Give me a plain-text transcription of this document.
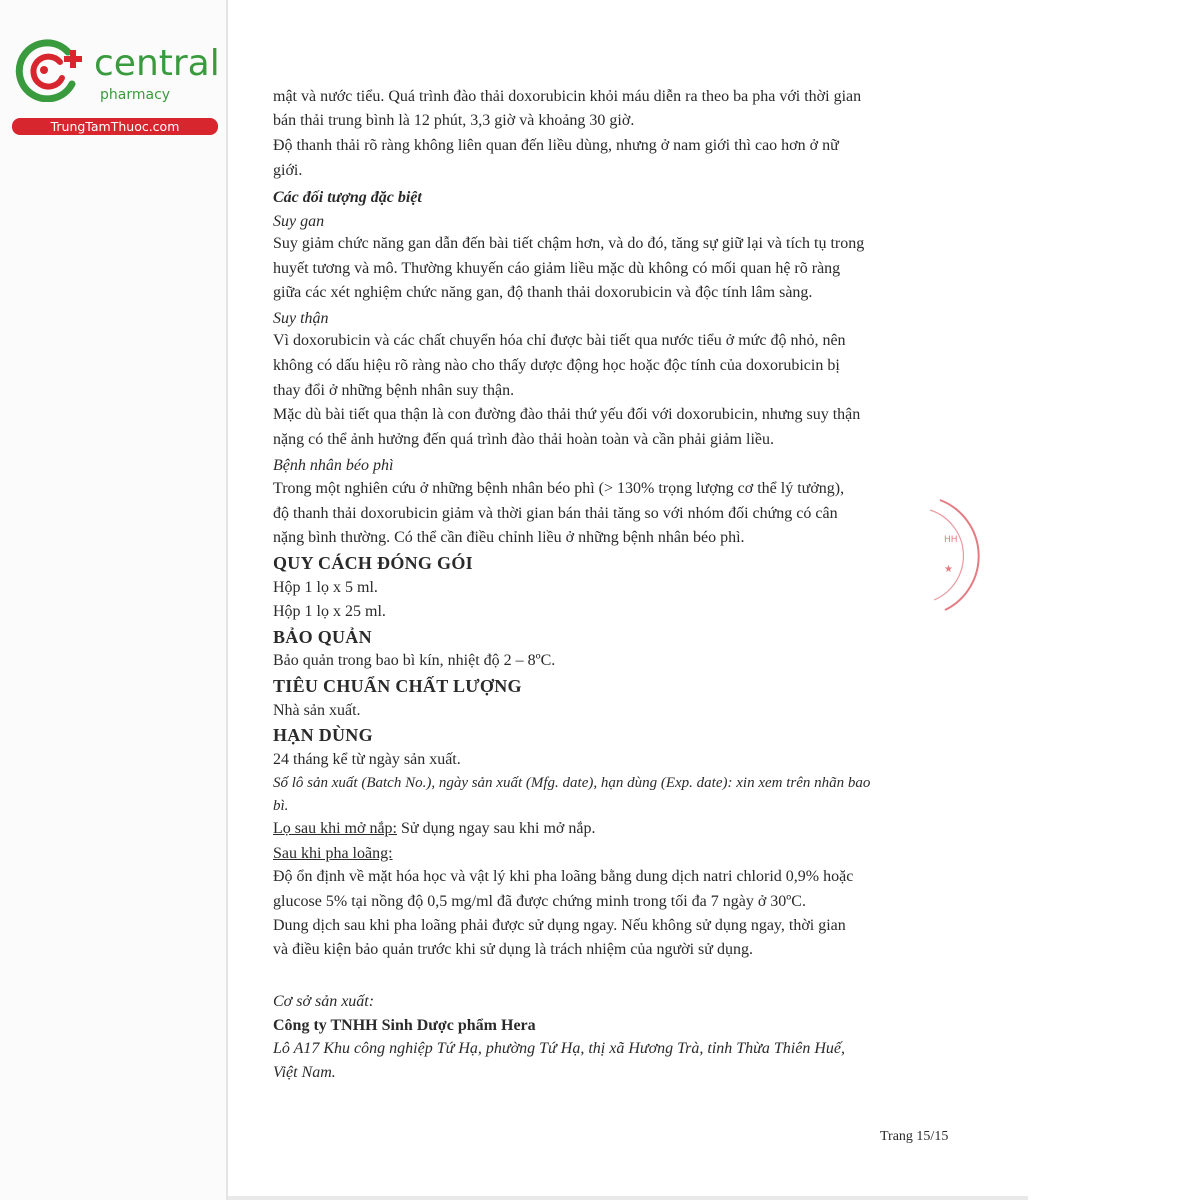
central
pharmacy
TrungTamThuoc.com
HH
★
mật và nước tiểu. Quá trình đào thải doxorubicin khỏi máu diễn ra theo ba pha với thời gian
bán thải trung bình là 12 phút, 3,3 giờ và khoảng 30 giờ.
Độ thanh thải rõ ràng không liên quan đến liều dùng, nhưng ở nam giới thì cao hơn ở nữ
giới.
Các đối tượng đặc biệt
Suy gan
Suy giảm chức năng gan dẫn đến bài tiết chậm hơn, và do đó, tăng sự giữ lại và tích tụ trong
huyết tương và mô. Thường khuyến cáo giảm liều mặc dù không có mối quan hệ rõ ràng
giữa các xét nghiệm chức năng gan, độ thanh thải doxorubicin và độc tính lâm sàng.
Suy thận
Vì doxorubicin và các chất chuyển hóa chỉ được bài tiết qua nước tiểu ở mức độ nhỏ, nên
không có dấu hiệu rõ ràng nào cho thấy dược động học hoặc độc tính của doxorubicin bị
thay đổi ở những bệnh nhân suy thận.
Mặc dù bài tiết qua thận là con đường đào thải thứ yếu đối với doxorubicin, nhưng suy thận
nặng có thể ảnh hưởng đến quá trình đào thải hoàn toàn và cần phải giảm liều.
Bệnh nhân béo phì
Trong một nghiên cứu ở những bệnh nhân béo phì (> 130% trọng lượng cơ thể lý tưởng),
độ thanh thải doxorubicin giảm và thời gian bán thải tăng so với nhóm đối chứng có cân
nặng bình thường. Có thể cần điều chỉnh liều ở những bệnh nhân béo phì.
QUY CÁCH ĐÓNG GÓI
Hộp 1 lọ x 5 ml.
Hộp 1 lọ x 25 ml.
BẢO QUẢN
Bảo quản trong bao bì kín, nhiệt độ 2 – 8ºC.
TIÊU CHUẨN CHẤT LƯỢNG
Nhà sản xuất.
HẠN DÙNG
24 tháng kể từ ngày sản xuất.
Số lô sản xuất (Batch No.), ngày sản xuất (Mfg. date), hạn dùng (Exp. date): xin xem trên nhãn bao
bì.
Lọ sau khi mở nắp: Sử dụng ngay sau khi mở nắp.
Sau khi pha loãng:
Độ ổn định về mặt hóa học và vật lý khi pha loãng bằng dung dịch natri chlorid 0,9% hoặc
glucose 5% tại nồng độ 0,5 mg/ml đã được chứng minh trong tối đa 7 ngày ở 30ºC.
Dung dịch sau khi pha loãng phải được sử dụng ngay. Nếu không sử dụng ngay, thời gian
và điều kiện bảo quản trước khi sử dụng là trách nhiệm của người sử dụng.
Cơ sở sản xuất:
Công ty TNHH Sinh Dược phẩm Hera
Lô A17 Khu công nghiệp Tứ Hạ, phường Tứ Hạ, thị xã Hương Trà, tỉnh Thừa Thiên Huế,
Việt Nam.
Trang 15/15
